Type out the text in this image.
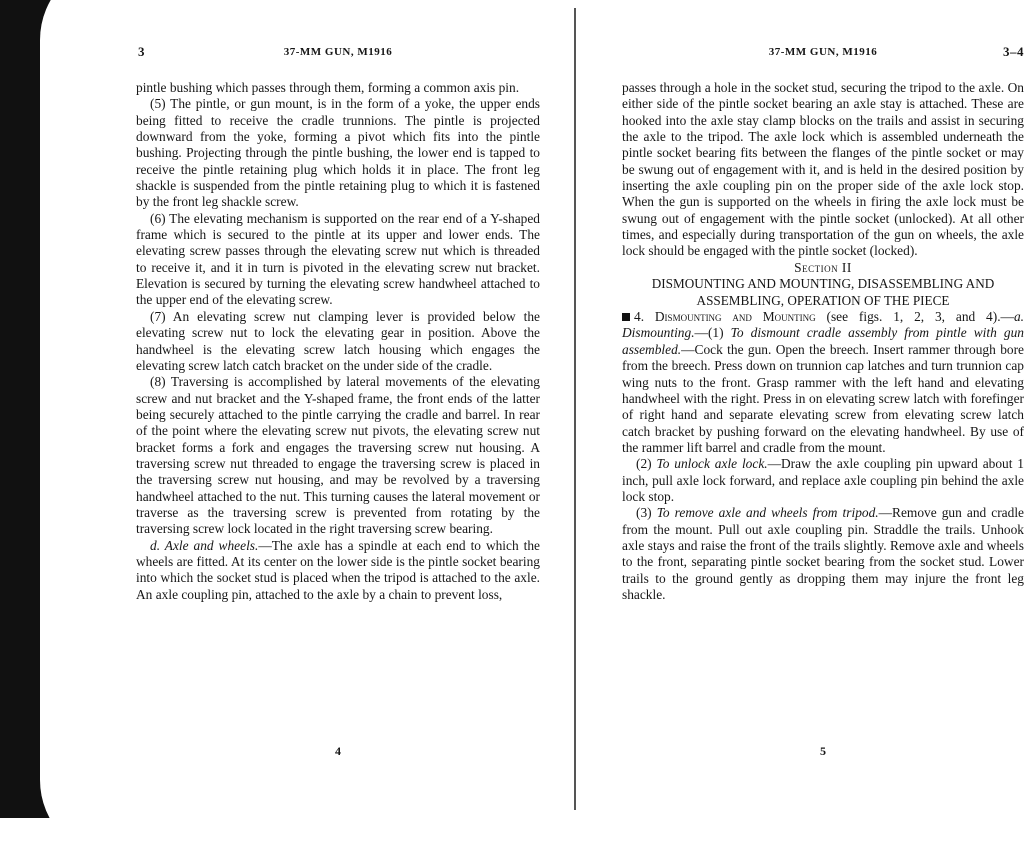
3	37-MM GUN, M1916

pintle bushing which passes through them, forming a common axis pin.

(5) The pintle, or gun mount, is in the form of a yoke, the upper ends being fitted to receive the cradle trunnions. The pintle is projected downward from the yoke, forming a pivot which fits into the pintle bushing. Projecting through the pintle bushing, the lower end is tapped to receive the pintle retaining plug which holds it in place. The front leg shackle is suspended from the pintle retaining plug to which it is fastened by the front leg shackle screw.

(6) The elevating mechanism is supported on the rear end of a Y-shaped frame which is secured to the pintle at its upper and lower ends. The elevating screw passes through the elevating screw nut which is threaded to receive it, and it in turn is pivoted in the elevating screw nut bracket. Elevation is secured by turning the elevating screw handwheel attached to the upper end of the elevating screw.

(7) An elevating screw nut clamping lever is provided below the elevating screw nut to lock the elevating gear in position. Above the handwheel is the elevating screw latch housing which engages the elevating screw latch catch bracket on the under side of the cradle.

(8) Traversing is accomplished by lateral movements of the elevating screw and nut bracket and the Y-shaped frame, the front ends of the latter being securely attached to the pintle carrying the cradle and barrel. In rear of the point where the elevating screw nut pivots, the elevating screw nut bracket forms a fork and engages the traversing screw nut housing. A traversing screw nut threaded to engage the traversing screw is placed in the traversing screw nut housing, and may be revolved by a traversing handwheel attached to the nut. This turning causes the lateral movement or traverse as the traversing screw is prevented from rotating by the traversing screw lock located in the right traversing screw bearing.

d. Axle and wheels.—The axle has a spindle at each end to which the wheels are fitted. At its center on the lower side is the pintle socket bearing into which the socket stud is placed when the tripod is attached to the axle. An axle coupling pin, attached to the axle by a chain to prevent loss,

4
37-MM GUN, M1916	3–4

passes through a hole in the socket stud, securing the tripod to the axle. On either side of the pintle socket bearing an axle stay is attached. These are hooked into the axle stay clamp blocks on the trails and assist in securing the axle to the tripod. The axle lock which is assembled underneath the pintle socket bearing fits between the flanges of the pintle socket or may be swung out of engagement with it, and is held in the desired position by inserting the axle coupling pin on the proper side of the axle lock stop. When the gun is supported on the wheels in firing the axle lock must be swung out of engagement with the pintle socket (unlocked). At all other times, and especially during transportation of the gun on wheels, the axle lock should be engaged with the pintle socket (locked).

Section II

DISMOUNTING AND MOUNTING, DISASSEMBLING AND ASSEMBLING, OPERATION OF THE PIECE

4. Dismounting and Mounting (see figs. 1, 2, 3, and 4).—a. Dismounting.—(1) To dismount cradle assembly from pintle with gun assembled.—Cock the gun. Open the breech. Insert rammer through bore from the breech. Press down on trunnion cap latches and turn trunnion cap wing nuts to the front. Grasp rammer with the left hand and elevating handwheel with the right. Press in on elevating screw latch with forefinger of right hand and separate elevating screw from elevating screw latch catch bracket by pushing forward on the elevating handwheel. By use of the rammer lift barrel and cradle from the mount.

(2) To unlock axle lock.—Draw the axle coupling pin upward about 1 inch, pull axle lock forward, and replace axle coupling pin behind the axle lock stop.

(3) To remove axle and wheels from tripod.—Remove gun and cradle from the mount. Pull out axle coupling pin. Straddle the trails. Unhook axle stays and raise the front of the trails slightly. Remove axle and wheels to the front, separating pintle socket bearing from the socket stud. Lower trails to the ground gently as dropping them may injure the front leg shackle.

5
